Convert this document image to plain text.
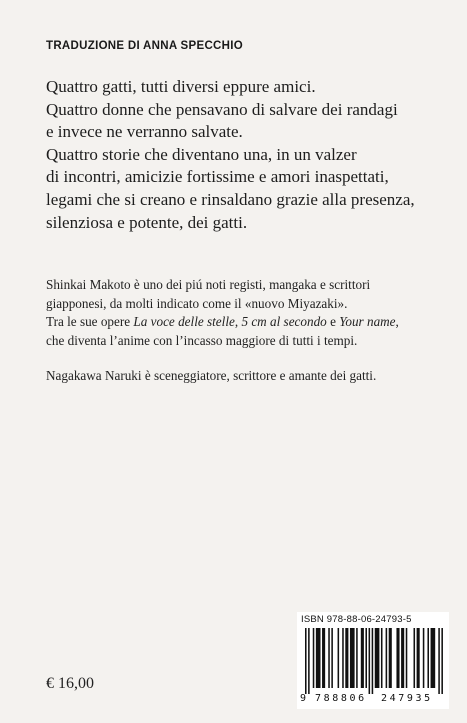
TRADUZIONE DI ANNA SPECCHIO

Quattro gatti, tutti diversi eppure amici.

Quattro donne che pensavano di salvare dei randagi

e invece ne verranno salvate.

Quattro storie che diventano una, in un valzer

di incontri, amicizie fortissime e amori inaspettati,

legami che si creano e rinsaldano grazie alla presenza,

silenziosa e potente, dei gatti.

Shinkai Makoto è uno dei piú noti registi, mangaka e scrittori

giapponesi, da molti indicato come il «nuovo Miyazaki».

Tra le sue opere La voce delle stelle, 5 cm al secondo e Your name,

che diventa l’anime con l’incasso maggiore di tutti i tempi.

Nagakawa Naruki è sceneggiatore, scrittore e amante dei gatti.

€ 16,00

ISBN 978-88-06-24793-5

9 788806 247935
